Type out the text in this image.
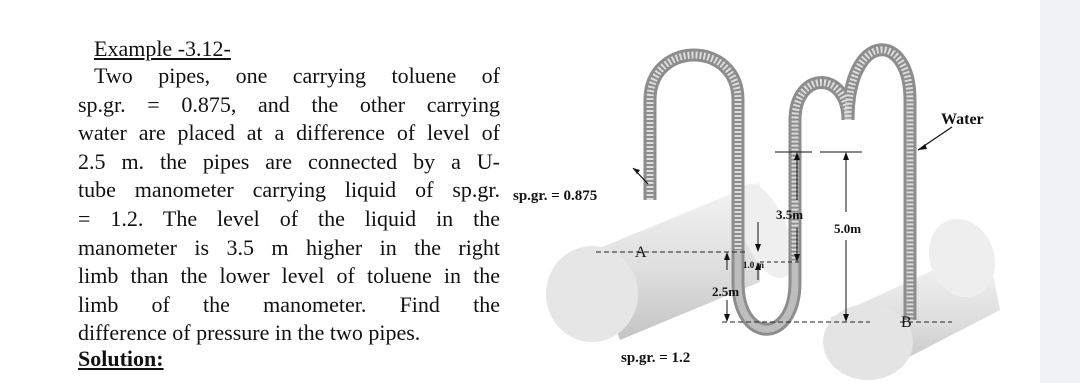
Example -3.12-
Two pipes, one carrying toluene of
sp.gr. = 0.875, and the other carrying
water are placed at a difference of level of
2.5 m. the pipes are connected by a U-
tube manometer carrying liquid of sp.gr.
= 1.2. The level of the liquid in the
manometer is 3.5 m higher in the right
limb than the lower level of toluene in the
limb of the manometer. Find the
difference of pressure in the two pipes.
Solution:
sp.gr. = 0.875
Water
A
B
2.5m
1.0 m
3.5m
5.0m
sp.gr. = 1.2
